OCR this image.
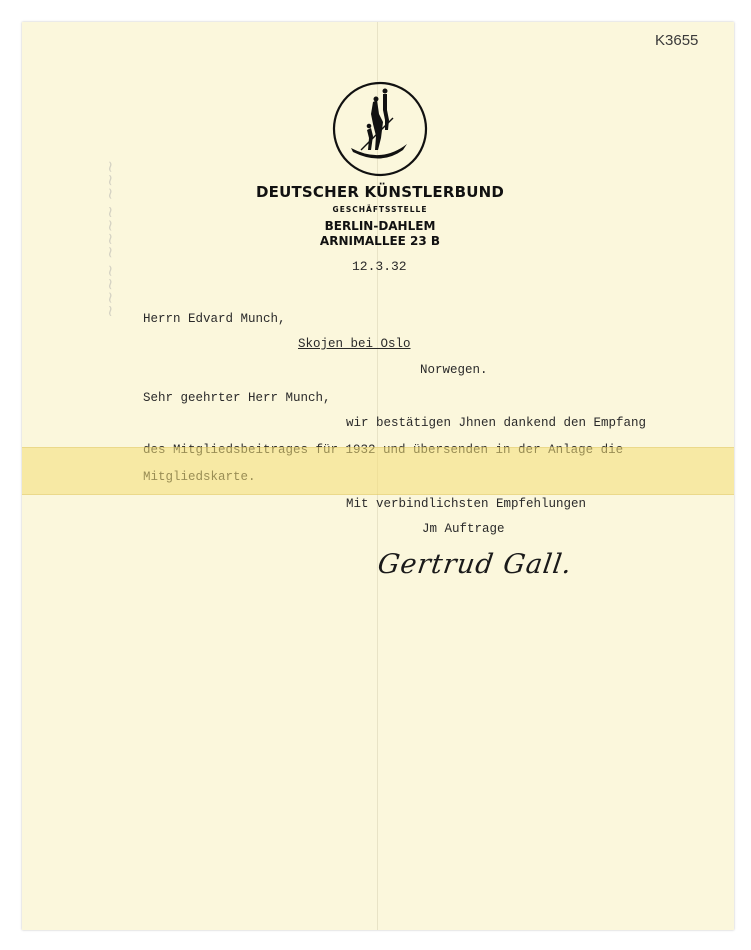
K3655
~~~ ~~~~ ~~~~	DEUTSCHER KÜNSTLERBUND
GESCHÄFTSSTELLE
BERLIN-DAHLEM
ARNIMALLEE 23 B
12.3.32
Herrn Edvard Munch,
Skojen bei Oslo
Norwegen.
Sehr geehrter Herr Munch,
wir bestätigen Jhnen dankend den Empfang
Mit verbindlichsten Empfehlungen
Jm Auftrage
Gertrud Gall.
